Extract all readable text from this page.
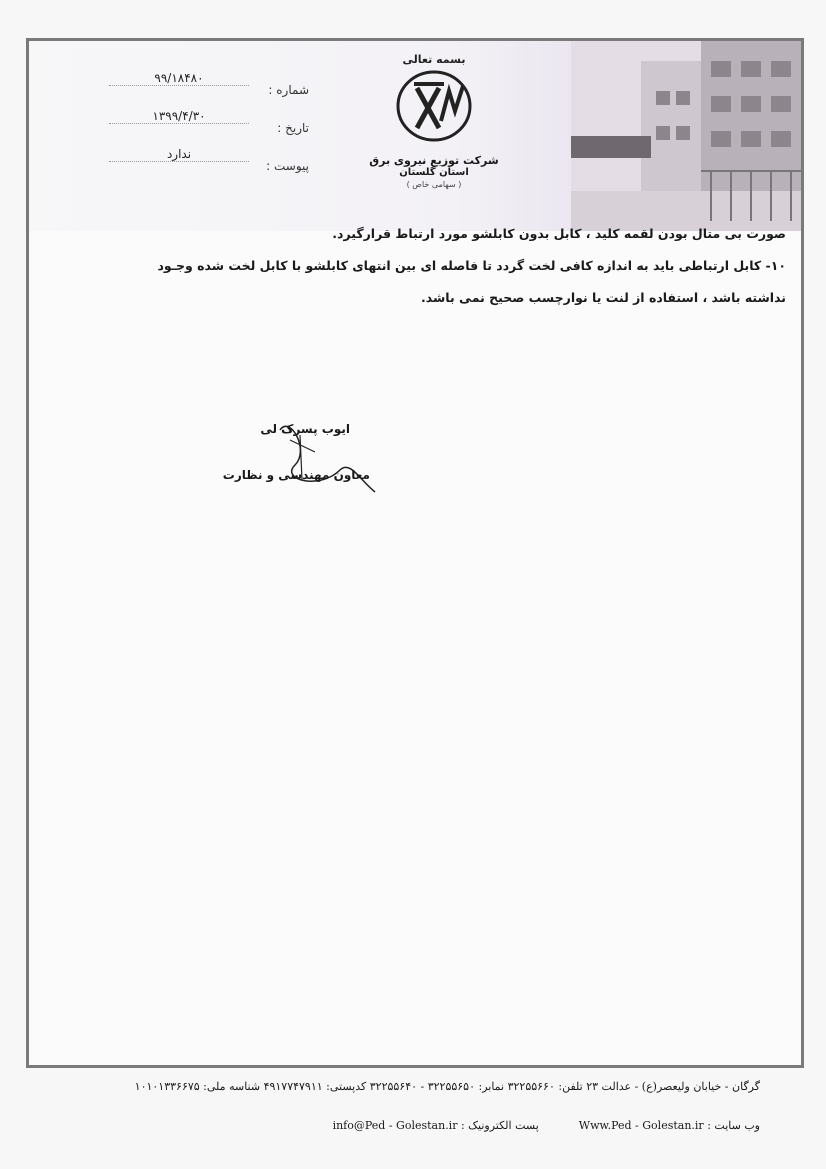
شماره :
۹۹/۱۸۴۸۰
تاریخ :
۱۳۹۹/۴/۳۰
پیوست :
ندارد
بسمه تعالی
شرکت توزیع نیروی برق
استان گلستان
( سهامی خاص )

صورت بی متال بودن لقمه کلید ، کابل بدون کابلشو مورد ارتباط قرارگیرد.

۱۰- کابل ارتباطی باید به اندازه کافی لخت گردد تا فاصله ای بین انتهای کابلشو با کابل لخت شده وجـود

نداشته باشد ، استفاده از لنت یا نوارچسب صحیح نمی باشد.

ایوب پسرک لی
معاون مهندسی و نظارت
گرگان - خیابان ولیعصر(ع) - عدالت ۲۳ تلفن: ۳۲۲۵۵۶۶۰ نمابر: ۳۲۲۵۵۶۵۰ - ۳۲۲۵۵۶۴۰ کدپستی: ۴۹۱۷۷۴۷۹۱۱ شناسه ملی: ۱۰۱۰۱۳۳۶۶۷۵
وب سایت : Www.Ped - Golestan.ir
پست الکترونیک : info@Ped - Golestan.ir
